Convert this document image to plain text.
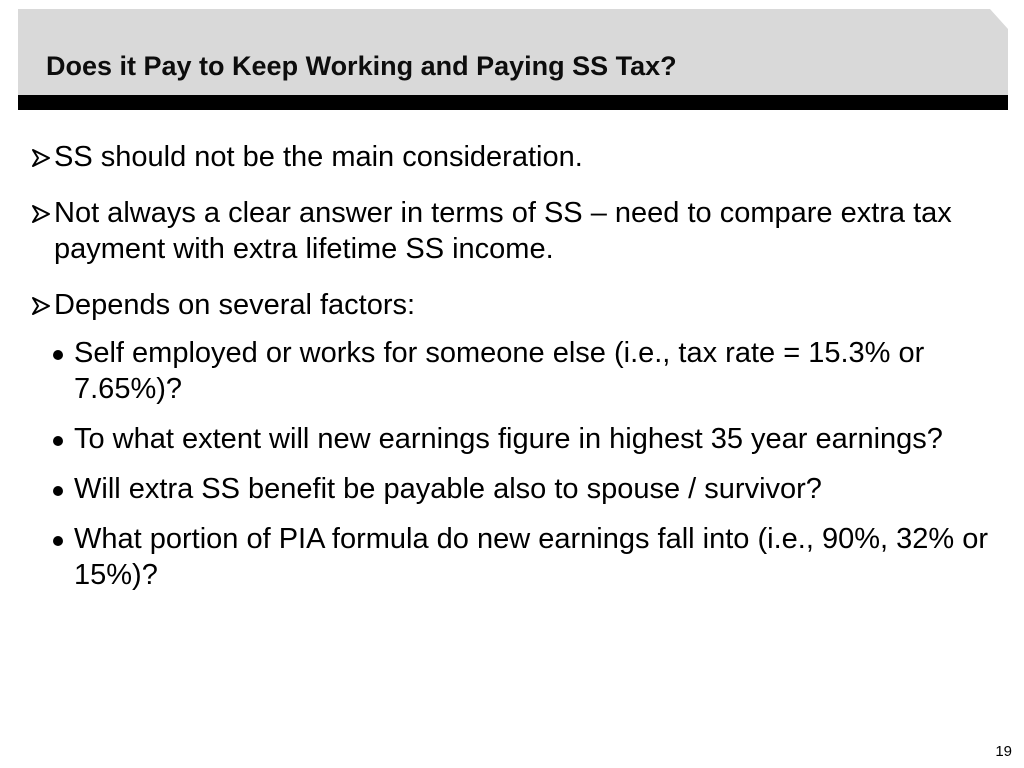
Does it Pay to Keep Working and Paying SS Tax?
SS should not be the main consideration.
Not always a clear answer in terms of SS – need to compare extra tax payment with extra lifetime SS income.
Depends on several factors:
Self employed or works for someone else (i.e., tax rate = 15.3% or 7.65%)?
To what extent will new earnings figure in highest 35 year earnings?
Will extra SS benefit be payable also to spouse / survivor?
What portion of PIA formula do new earnings fall into (i.e., 90%, 32% or 15%)?
19
